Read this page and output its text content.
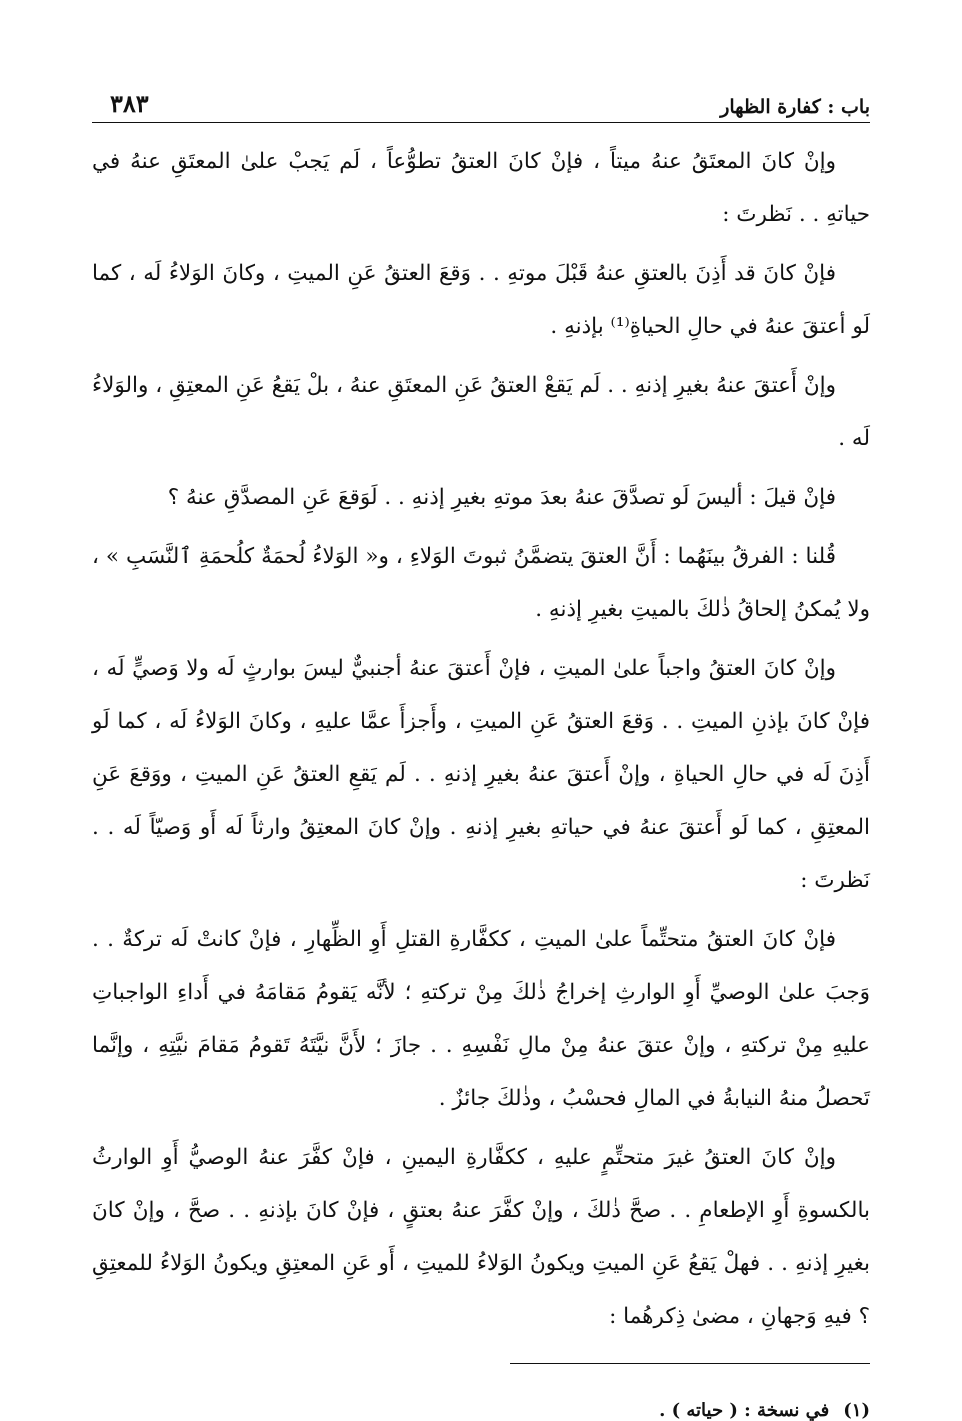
باب : كفارة الظهار
٣٨٣

وإنْ كانَ المعتَقُ عنهُ ميتاً ، فإنْ كانَ العتقُ تطوُّعاً ، لَم يَجبْ علىٰ المعتَقِ عنهُ في حياتهِ . . نَظرتَ :

فإنْ كانَ قد أَذِنَ بالعتقِ عنهُ قَبْلَ موتهِ . . وَقعَ العتقُ عَنِ الميتِ ، وكانَ الوَلاءُ لَه ، كما لَو أعتقَ عنهُ في حالِ الحياةِ⁽¹⁾ بإذنهِ .

وإنْ أَعتقَ عنهُ بغيرِ إذنهِ . . لَم يَقعْ العتقُ عَنِ المعتَقِ عنهُ ، بلْ يَقعُ عَنِ المعتِقِ ، والوَلاءُ لَه .

فإنْ قيلَ : أليسَ لَو تصدَّقَ عنهُ بعدَ موتهِ بغيرِ إذنهِ . . لَوَقعَ عَنِ المصدَّقِ عنهُ ؟

قُلنا : الفرقُ بينَهُما : أَنَّ العتقَ يتضمَّنُ ثبوتَ الوَلاءِ ، و« الوَلاءُ لُحمَةٌ كلُحمَةِ ٱلنَّسَبِ » ، ولا يُمكنُ إلحاقُ ذٰلكَ بالميتِ بغيرِ إذنهِ .

وإنْ كانَ العتقُ واجباً علىٰ الميتِ ، فإنْ أَعتقَ عنهُ أجنبيٌّ ليسَ بوارثٍ لَه ولا وَصيٍّ لَه ، فإنْ كانَ بإذنِ الميتِ . . وَقعَ العتقُ عَنِ الميتِ ، وأَجزأَ عمَّا عليهِ ، وكانَ الوَلاءُ لَه ، كما لَو أَذِنَ لَه في حالِ الحياةِ ، وإنْ أَعتقَ عنهُ بغيرِ إذنهِ . . لَم يَقعِ العتقُ عَنِ الميتِ ، ووَقعَ عَنِ المعتِقِ ، كما لَو أَعتقَ عنهُ في حياتهِ بغيرِ إذنهِ . وإنْ كانَ المعتِقُ وارثاً لَه أَو وَصيّاً لَه . . نَظرتَ :

فإنْ كانَ العتقُ متحتِّماً علىٰ الميتِ ، ككفَّارةِ القتلِ أَوِ الظِّهارِ ، فإنْ كانتْ لَه تركةٌ . . وَجبَ علىٰ الوصيِّ أَوِ الوارثِ إخراجُ ذٰلكَ مِنْ تركتهِ ؛ لأنَّه يَقومُ مَقامَهُ في أَداءِ الواجباتِ عليهِ مِنْ تركتهِ ، وإنْ عتقَ عنهُ مِنْ مالِ نَفْسِهِ . . جازَ ؛ لأَنَّ نيَّتَهُ تَقومُ مَقامَ نيَّتِهِ ، وإنَّما تَحصلُ منهُ النيابةُ في المالِ فحسْبُ ، وذٰلكَ جائزٌ .

وإنْ كانَ العتقُ غيرَ متحتِّمٍ عليهِ ، ككفَّارةِ اليمينِ ، فإنْ كفَّرَ عنهُ الوصيُّ أَوِ الوارثُ بالكسوةِ أَوِ الإطعامِ . . صحَّ ذٰلكَ ، وإنْ كفَّرَ عنهُ بعتقٍ ، فإنْ كانَ بإذنهِ . . صحَّ ، وإنْ كانَ بغيرِ إذنهِ . . فهلْ يَقعُ عَنِ الميتِ ويكونُ الوَلاءُ للميتِ ، أَو عَنِ المعتِقِ ويكونُ الوَلاءُ للمعتِقِ ؟ فيهِ وَجهانِ ، مضىٰ ذِكرهُما :

(١)
في نسخة : ( حياته ) .
